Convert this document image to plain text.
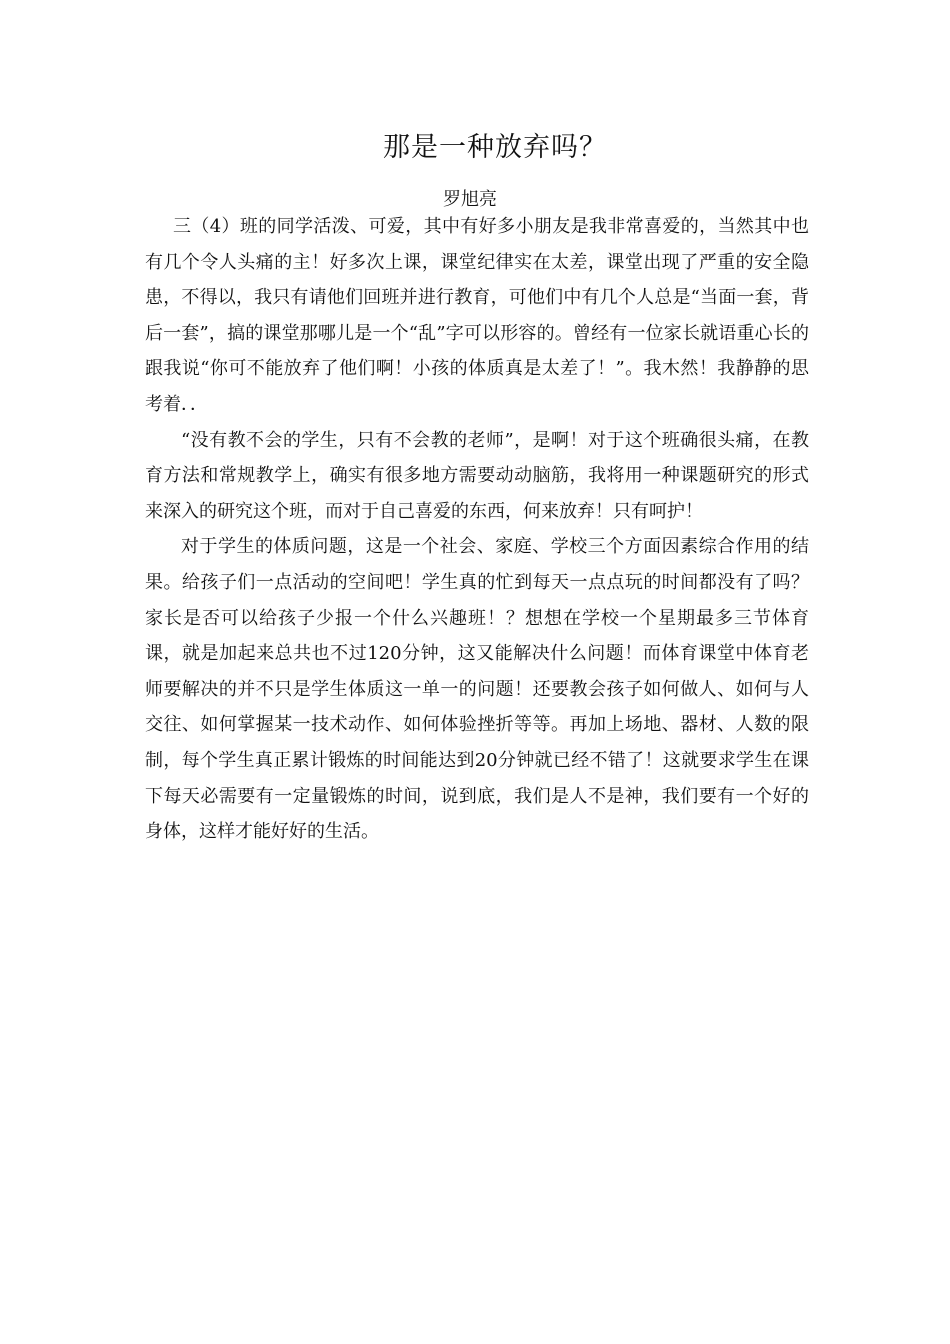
那是一种放弃吗？
罗旭亮

三（4）班的同学活泼、可爱，其中有好多小朋友是我非常喜爱的，当然其中也有几个令人头痛的主！好多次上课，课堂纪律实在太差，课堂出现了严重的安全隐患，不得以，我只有请他们回班并进行教育，可他们中有几个人总是“当面一套，背后一套”，搞的课堂那哪儿是一个“乱”字可以形容的。曾经有一位家长就语重心长的跟我说“你可不能放弃了他们啊！小孩的体质真是太差了！”。我木然！我静静的思考着．．

“没有教不会的学生，只有不会教的老师”，是啊！对于这个班确很头痛，在教育方法和常规教学上，确实有很多地方需要动动脑筋，我将用一种课题研究的形式来深入的研究这个班，而对于自己喜爱的东西，何来放弃！只有呵护！

对于学生的体质问题，这是一个社会、家庭、学校三个方面因素综合作用的结果。给孩子们一点活动的空间吧！学生真的忙到每天一点点玩的时间都没有了吗？家长是否可以给孩子少报一个什么兴趣班！？想想在学校一个星期最多三节体育课，就是加起来总共也不过120分钟，这又能解决什么问题！而体育课堂中体育老师要解决的并不只是学生体质这一单一的问题！还要教会孩子如何做人、如何与人交往、如何掌握某一技术动作、如何体验挫折等等。再加上场地、器材、人数的限制，每个学生真正累计锻炼的时间能达到20分钟就已经不错了！这就要求学生在课下每天必需要有一定量锻炼的时间，说到底，我们是人不是神，我们要有一个好的身体，这样才能好好的生活。
